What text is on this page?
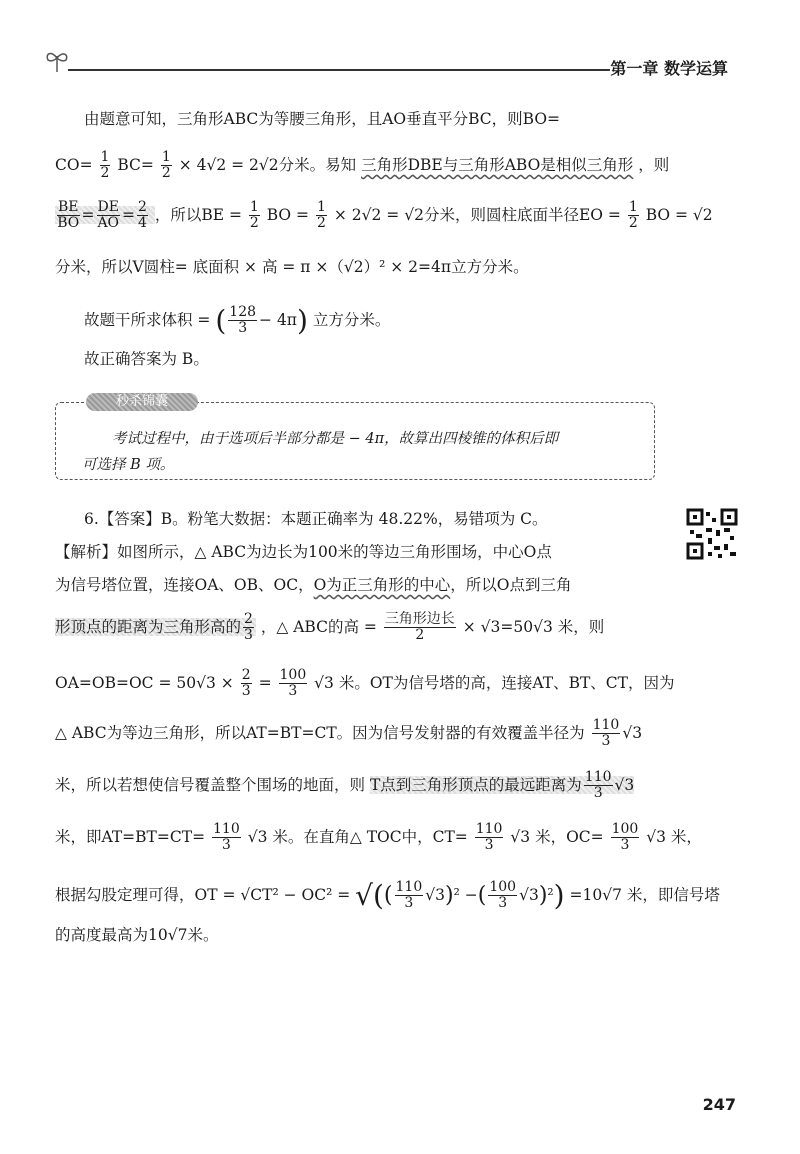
第一章 数学运算
由题意可知，三角形ABC为等腰三角形，且AO垂直平分BC，则BO=
$CO= \frac{1}{2} BC= \frac{1}{2} \times 4√2 = 2√2$分米。易知 三角形DBE与三角形ABO是相似三角形 ，则
$\frac{BE}{BO} = \frac{DE}{AO} = \frac{2}{4}$ ，所以BE = $\frac{1}{2}$ BO = $\frac{1}{2} \times 2√2 = √2$分米，则圆柱底面半径EO = $\frac{1}{2}$ BO = √2
分米，所以V圆柱= 底面积 × 高 = π ×（√2）² × 2=4π立方分米。
故题干所求体积 = ( $\frac{128}{3} - 4\pi$) 立方分米。
故正确答案为 B。
秒杀锦囊
考试过程中，由于选项后半部分都是 − 4π，故算出四棱锥的体积后即
可选择 B 项。
6.【答案】B。粉笔大数据：本题正确率为 48.22%，易错项为 C。
【解析】如图所示，△ ABC为边长为100米的等边三角形围场，中心O点
为信号塔位置，连接OA、OB、OC，O为正三角形的中心，所以O点到三角
形顶点的距离为三角形高的 $\frac{2}{3}$ ，△ ABC的高 = $\frac{\text{三角形边长}}{2} \times √3=50√3$ 米，则
$OA=OB=OC = 50√3 \times \frac{2}{3} = \frac{100}{3} √3$ 米。OT为信号塔的高，连接AT、BT、CT，因为
△ ABC为等边三角形，所以AT=BT=CT。因为信号发射器的有效覆盖半径为 $\frac{110}{3} √3$
米，所以若想使信号覆盖整个围场的地面，则 T点到三角形顶点的最远距离为 $\frac{110}{3} √3$
米，即$AT=BT=CT= \frac{110}{3} √3$ 米。在直角△ TOC中，$CT= \frac{110}{3} √3$ 米，$OC= \frac{100}{3} √3$ 米，
根据勾股定理可得，OT = √CT² − OC² = √(( $\frac{110}{3} √3)^2$ −( $\frac{100}{3} √3)^2) =10√7$ 米，即信号塔
的高度最高为10√7米。
247
